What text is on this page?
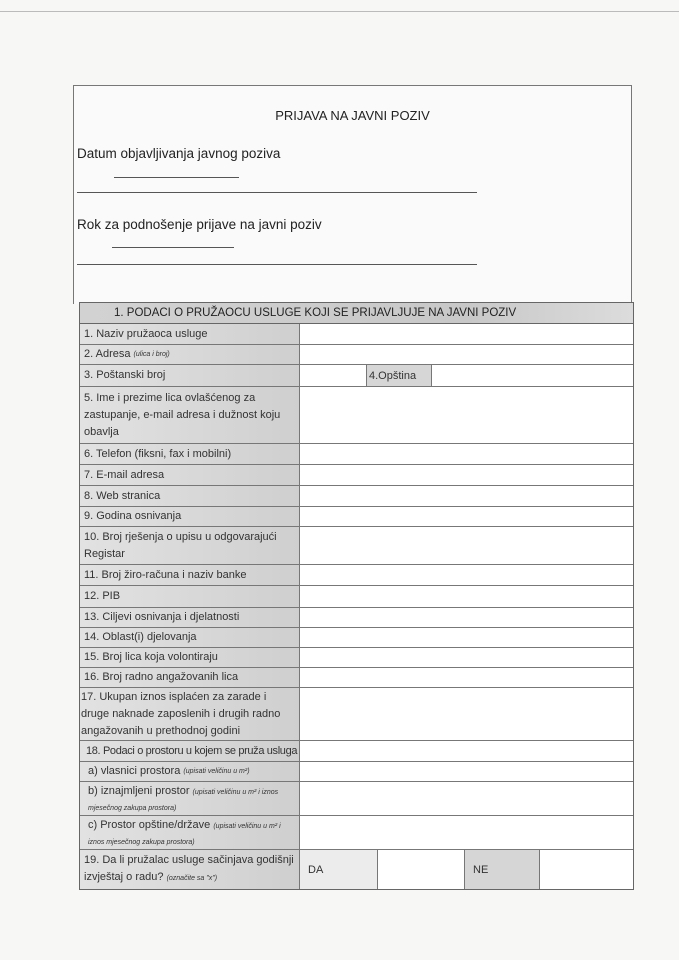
PRIJAVA NA JAVNI POZIV
Datum objavljivanja javnog poziva
Rok za podnošenje prijave na javni poziv
1. PODACI O PRUŽAOCU USLUGE KOJI SE PRIJAVLJUJE NA JAVNI POZIV
1. Naziv pružaoca usluge
2. Adresa
(ulica i broj)
3. Poštanski broj	4.Opština
5. Ime i prezime lica ovlašćenog za zastupanje, e-mail adresa i dužnost koju obavlja
6. Telefon (fiksni, fax i mobilni)
7. E-mail adresa
8. Web stranica
9. Godina osnivanja
10. Broj rješenja o upisu u odgovarajući Registar
11. Broj žiro-računa i naziv banke
12. PIB
13. Ciljevi osnivanja i djelatnosti
14. Oblast(i) djelovanja
15. Broj lica koja volontiraju
16. Broj radno angažovanih lica
17. Ukupan iznos isplaćen za zarade i druge naknade zaposlenih i drugih radno angažovanih u prethodnoj godini
18. Podaci o prostoru u kojem se pruža usluga
a) vlasnici prostora
(upisati veličinu u m²)
b) iznajmljeni prostor (upisati veličinu u m² i iznos mjesečnog zakupa prostora)
c) Prostor opštine/države (upisati veličinu u m² i iznos mjesečnog zakupa prostora)
19. Da li pružalac usluge sačinjava godišnji izvještaj o radu? (označite sa "x")
DA	NE
